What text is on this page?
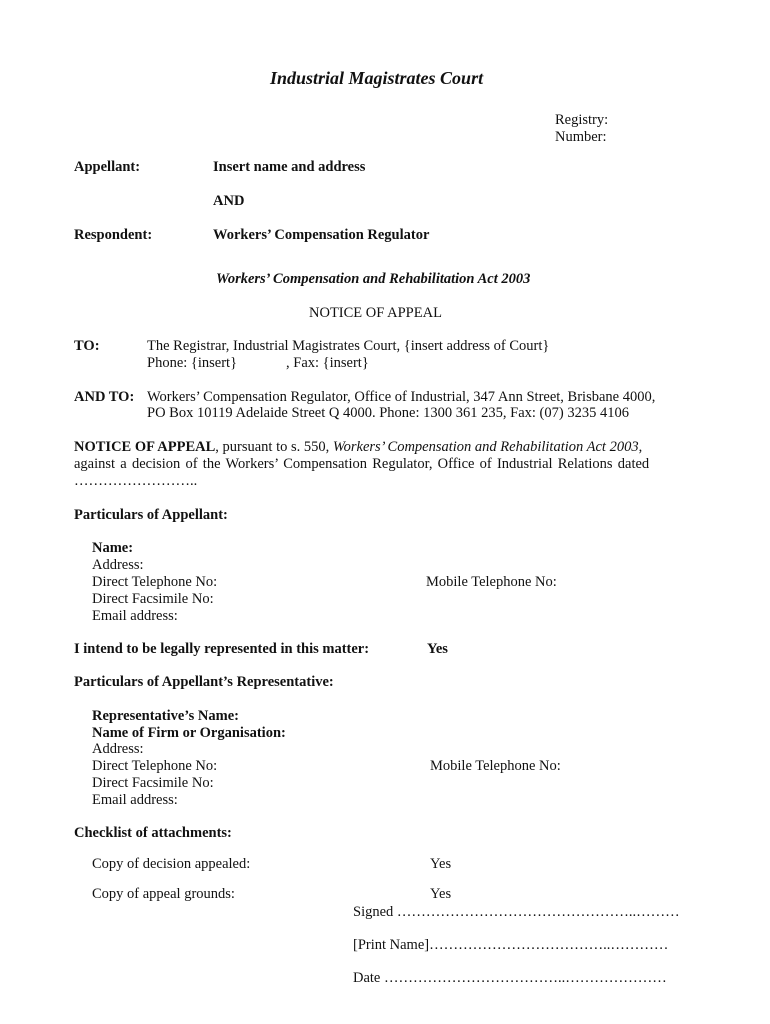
Industrial Magistrates Court
Registry:
Number:
Appellant:	Insert name and address
AND
Respondent:	Workers’ Compensation Regulator
Workers’ Compensation and Rehabilitation Act 2003
NOTICE OF APPEAL
TO:	The Registrar, Industrial Magistrates Court, {insert address of Court}
Phone: {insert}	, Fax: {insert}
AND TO: Workers’ Compensation Regulator, Office of Industrial, 347 Ann Street, Brisbane 4000,
PO Box 10119 Adelaide Street Q 4000. Phone: 1300 361 235, Fax: (07) 3235 4106
NOTICE OF APPEAL, pursuant to s. 550, Workers’ Compensation and Rehabilitation Act 2003,
against a decision of the Workers’ Compensation Regulator, Office of Industrial Relations dated
……………………..
Particulars of Appellant:
Name:
Address:
Direct Telephone No:	Mobile Telephone No:
Direct Facsimile No:
Email address:
I intend to be legally represented in this matter:	Yes
Particulars of Appellant’s Representative:
Representative’s Name:
Name of Firm or Organisation:
Address:
Direct Telephone No:	Mobile Telephone No:
Direct Facsimile No:
Email address:
Checklist of attachments:
Copy of decision appealed:	Yes
Copy of appeal grounds:	Yes
Signed …………………………………………..………
[Print Name]………………………………..…………
Date ………………………………..…………………
